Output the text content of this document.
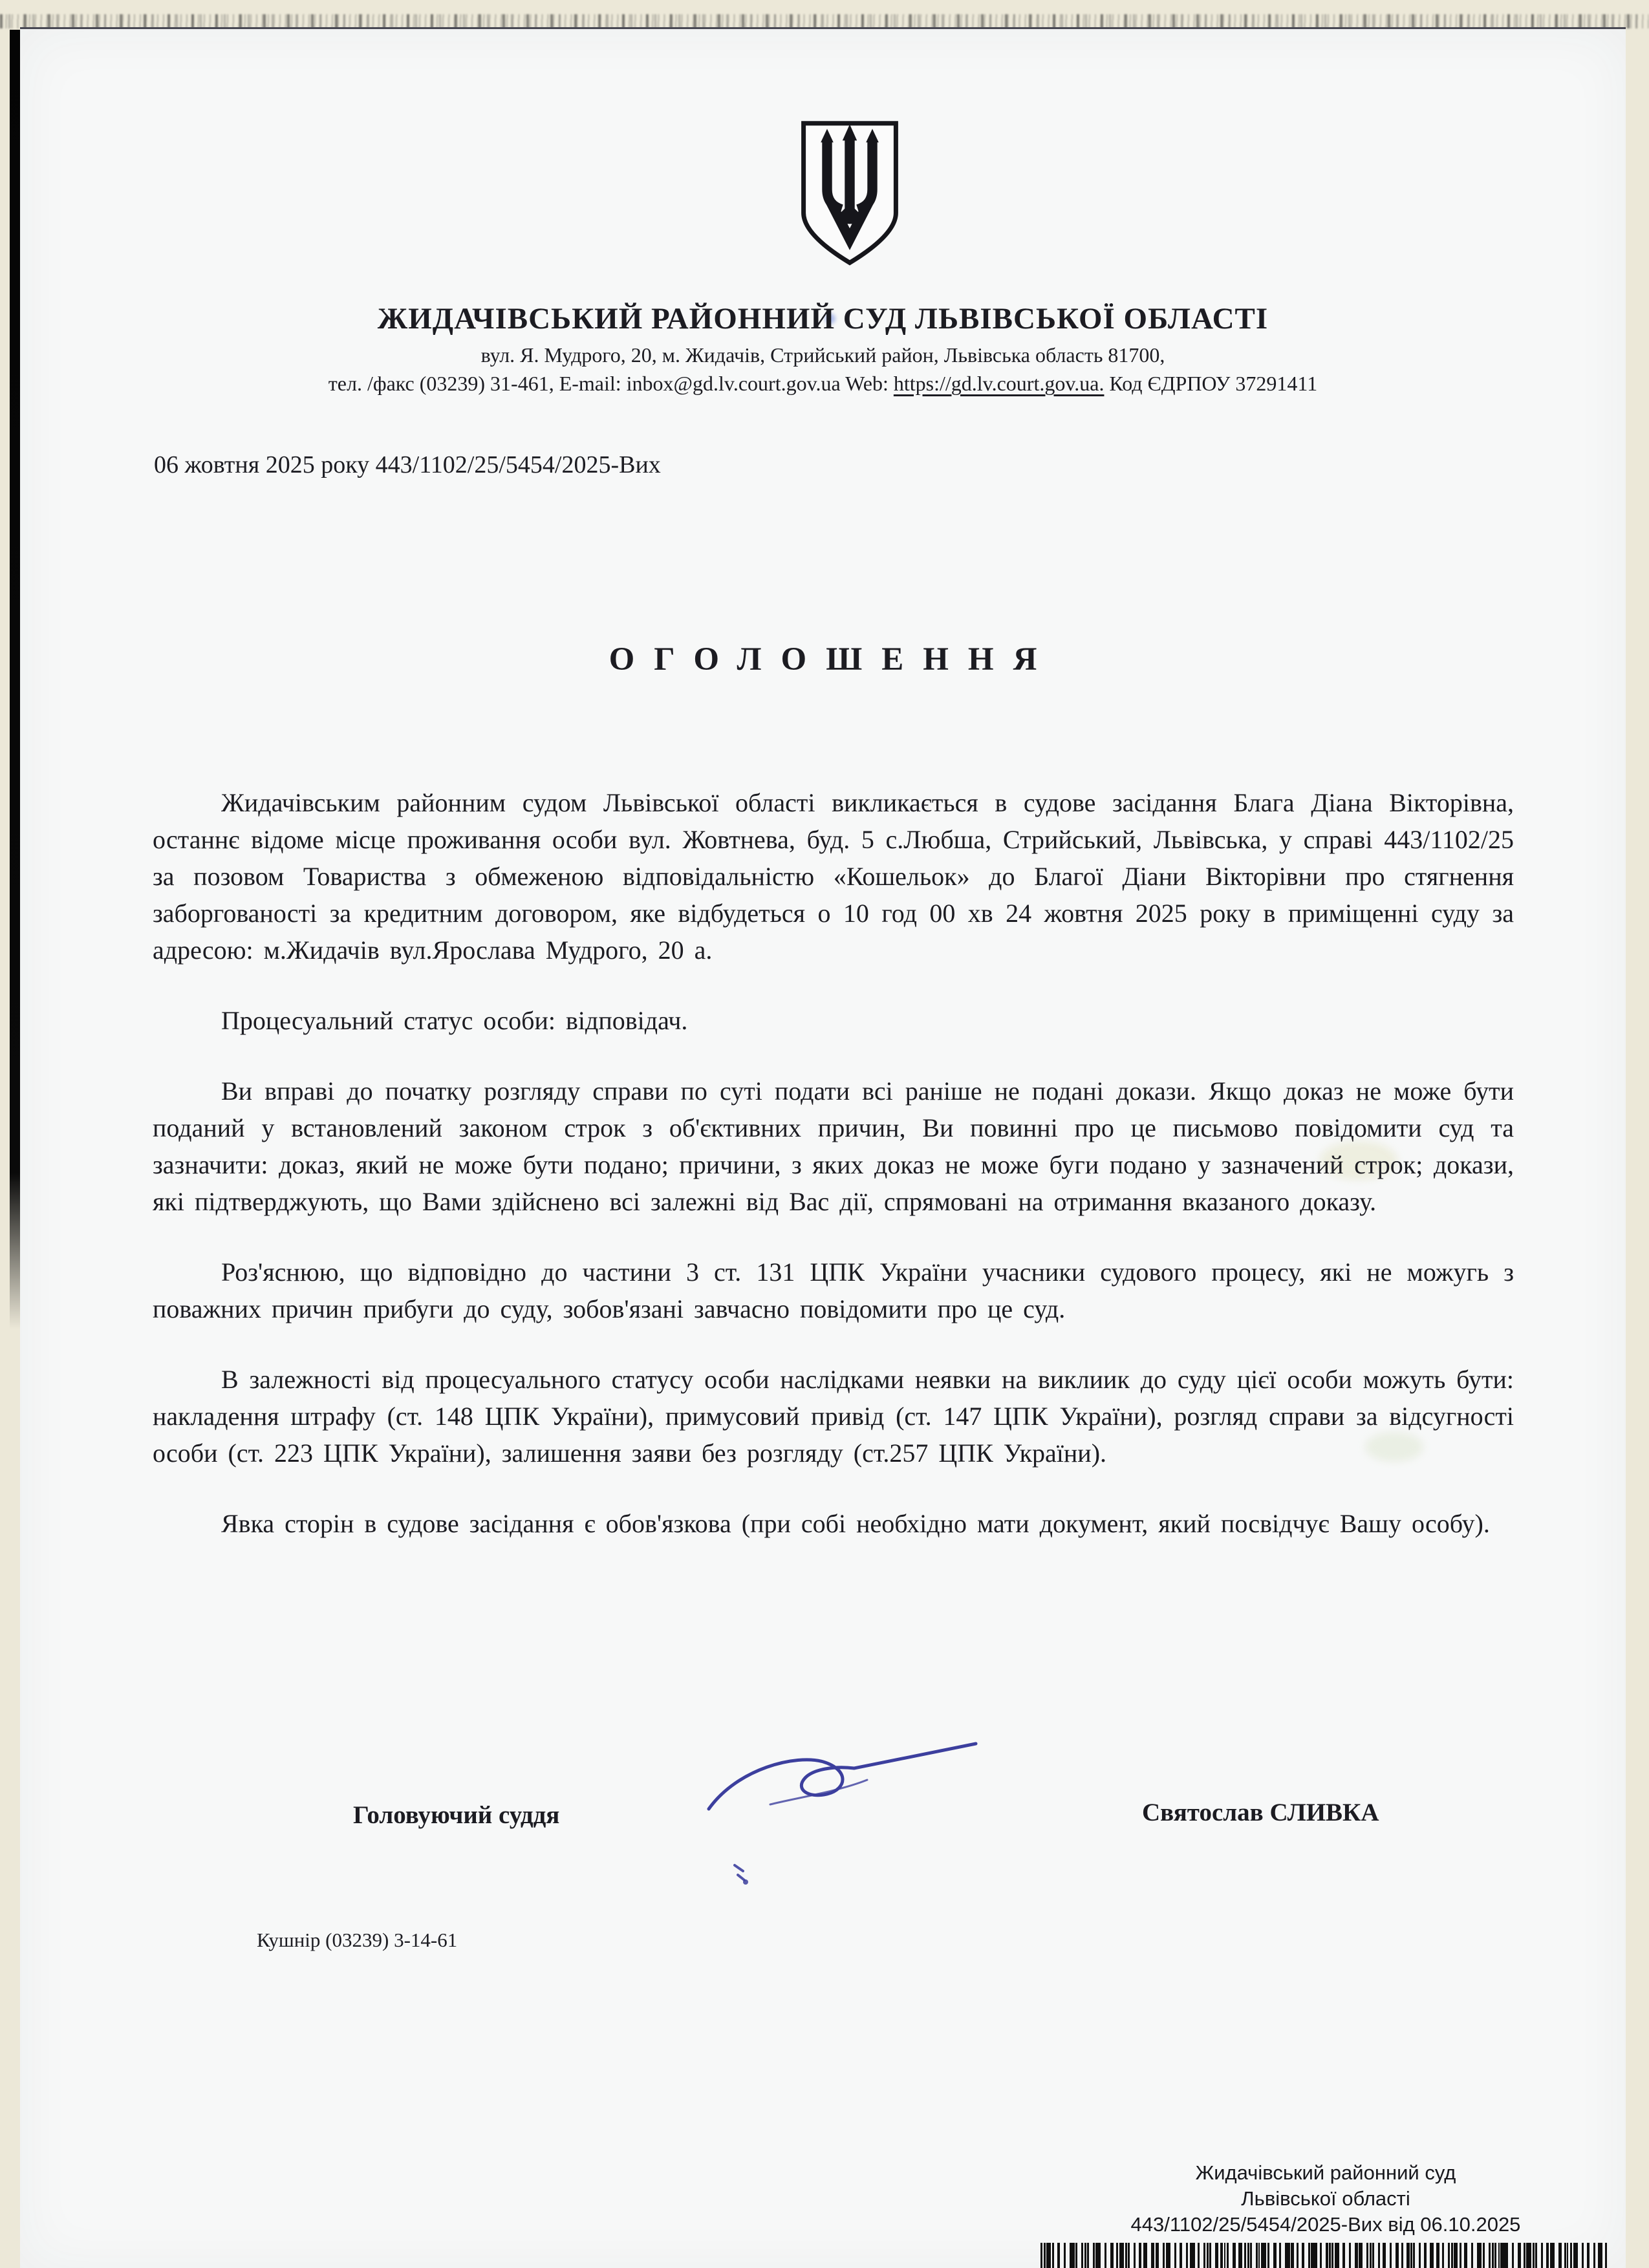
ЖИДАЧІВСЬКИЙ РАЙОННИЙ СУД ЛЬВІВСЬКОЇ ОБЛАСТІ
вул. Я. Мудрого, 20, м. Жидачів, Стрийський район, Львівська область 81700,
тел. /факс (03239) 31-461, E-mail: inbox@gd.lv.court.gov.ua Web: https://gd.lv.court.gov.ua. Код ЄДРПОУ 37291411
06 жовтня 2025 року 443/1102/25/5454/2025-Вих
ОГОЛОШЕННЯ

Жидачівським районним судом Львівської області викликається в судове засідання Блага Діана Вікторівна, останнє відоме місце проживання особи вул. Жовтнева, буд. 5 с.Любша, Стрийський, Львівська, у справі 443/1102/25 за позовом Товариства з обмеженою відповідальністю «Кошельок» до Благої Діани Вікторівни про стягнення заборгованості за кредитним договором, яке відбудеться о 10 год 00 хв 24 жовтня 2025 року в приміщенні суду за адресою: м.Жидачів вул.Ярослава Мудрого, 20 а.

Процесуальний статус особи: відповідач.

Ви вправі до початку розгляду справи по суті подати всі раніше не подані докази. Якщо доказ не може бути поданий у встановлений законом строк з об'єктивних причин, Ви повинні про це письмово повідомити суд та зазначити: доказ, який не може бути подано; причини, з яких доказ не може буги подано у зазначений строк; докази, які підтверджують, що Вами здійснено всі залежні від Вас дії, спрямовані на отримання вказаного доказу.

Роз'яснюю, що відповідно до частини 3 ст. 131 ЦПК України учасники судового процесу, які не можугь з поважних причин прибуги до суду, зобов'язані завчасно повідомити про це суд.

В залежності від процесуального статусу особи наслідками неявки на виклиик до суду цієї особи можуть бути: накладення штрафу (ст. 148 ЦПК України), примусовий привід (ст. 147 ЦПК України), розгляд справи за відсугності особи (ст. 223 ЦПК України), залишення заяви без розгляду (ст.257 ЦПК України).

Явка сторін в судове засідання є обов'язкова (при собі необхідно мати документ, який посвідчує Вашу особу).

Головуючий суддя	Святослав СЛИВКА
Кушнір (03239) 3-14-61
Жидачівський районний суд
Львівської області
443/1102/25/5454/2025-Вих від 06.10.2025
